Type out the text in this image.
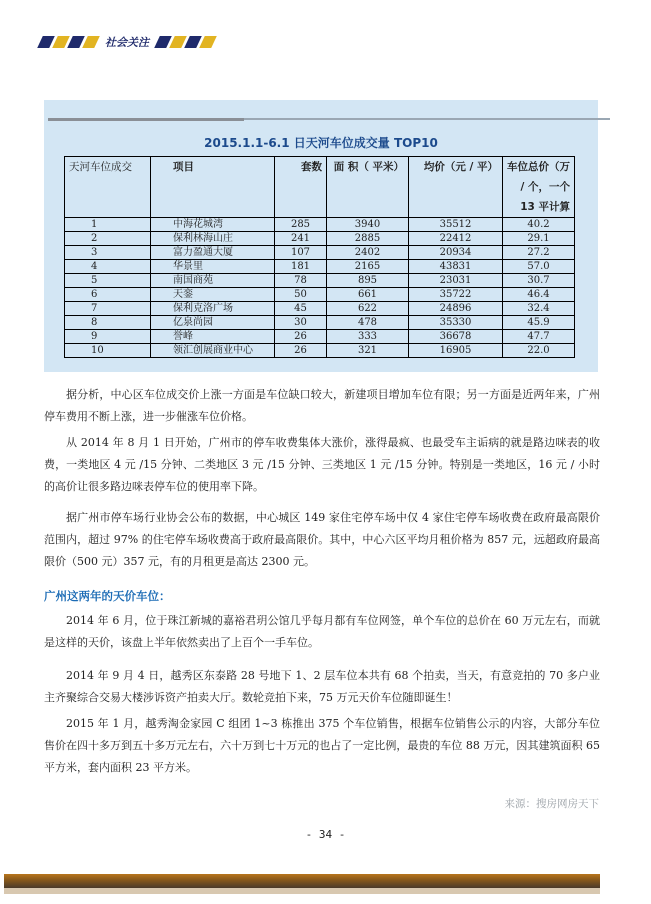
社会关注
2015.1.1-6.1 日天河车位成交量 TOP10
天河车位成交	项目	套数	面 积（ 平米）	均价（元 / 平）	车位总价（万 / 个，一个 13 平计算
1	中海花城湾	285	3940	35512	40.2
2	保利林海山庄	241	2885	22412	29.1
3	富力盈通大厦	107	2402	20934	27.2
4	华景里	181	2165	43831	57.0
5	南国商苑	78	895	23031	30.7
6	天銮	50	661	35722	46.4
7	保利克洛广场	45	622	24896	32.4
8	亿泉尚园	30	478	35330	45.9
9	誉峰	26	333	36678	47.7
10	领汇创展商业中心	26	321	16905	22.0

据分析，中心区车位成交价上涨一方面是车位缺口较大，新建项目增加车位有限；另一方面是近两年来，广州停车费用不断上涨，进一步催涨车位价格。

从 2014 年 8 月 1 日开始，广州市的停车收费集体大涨价，涨得最疯、也最受车主诟病的就是路边咪表的收费，一类地区 4 元 /15 分钟、二类地区 3 元 /15 分钟、三类地区 1 元 /15 分钟。特别是一类地区，16 元 / 小时的高价让很多路边咪表停车位的使用率下降。

据广州市停车场行业协会公布的数据，中心城区 149 家住宅停车场中仅 4 家住宅停车场收费在政府最高限价范围内，超过 97% 的住宅停车场收费高于政府最高限价。其中，中心六区平均月租价格为 857 元，远超政府最高限价（500 元）357 元，有的月租更是高达 2300 元。

广州这两年的天价车位：

2014 年 6 月，位于珠江新城的嘉裕君玥公馆几乎每月都有车位网签，单个车位的总价在 60 万元左右，而就是这样的天价，该盘上半年依然卖出了上百个一手车位。

2014 年 9 月 4 日，越秀区东泰路 28 号地下 1、2 层车位本共有 68 个拍卖，当天，有意竞拍的 70 多户业主齐聚综合交易大楼涉诉资产拍卖大厅。数轮竞拍下来，75 万元天价车位随即诞生！

2015 年 1 月，越秀淘金家园 C 组团 1~3 栋推出 375 个车位销售，根据车位销售公示的内容，大部分车位售价在四十多万到五十多万元左右，六十万到七十万元的也占了一定比例，最贵的车位 88 万元，因其建筑面积 65 平方米，套内面积 23 平方米。

来源：搜房网房天下
- 34 -
